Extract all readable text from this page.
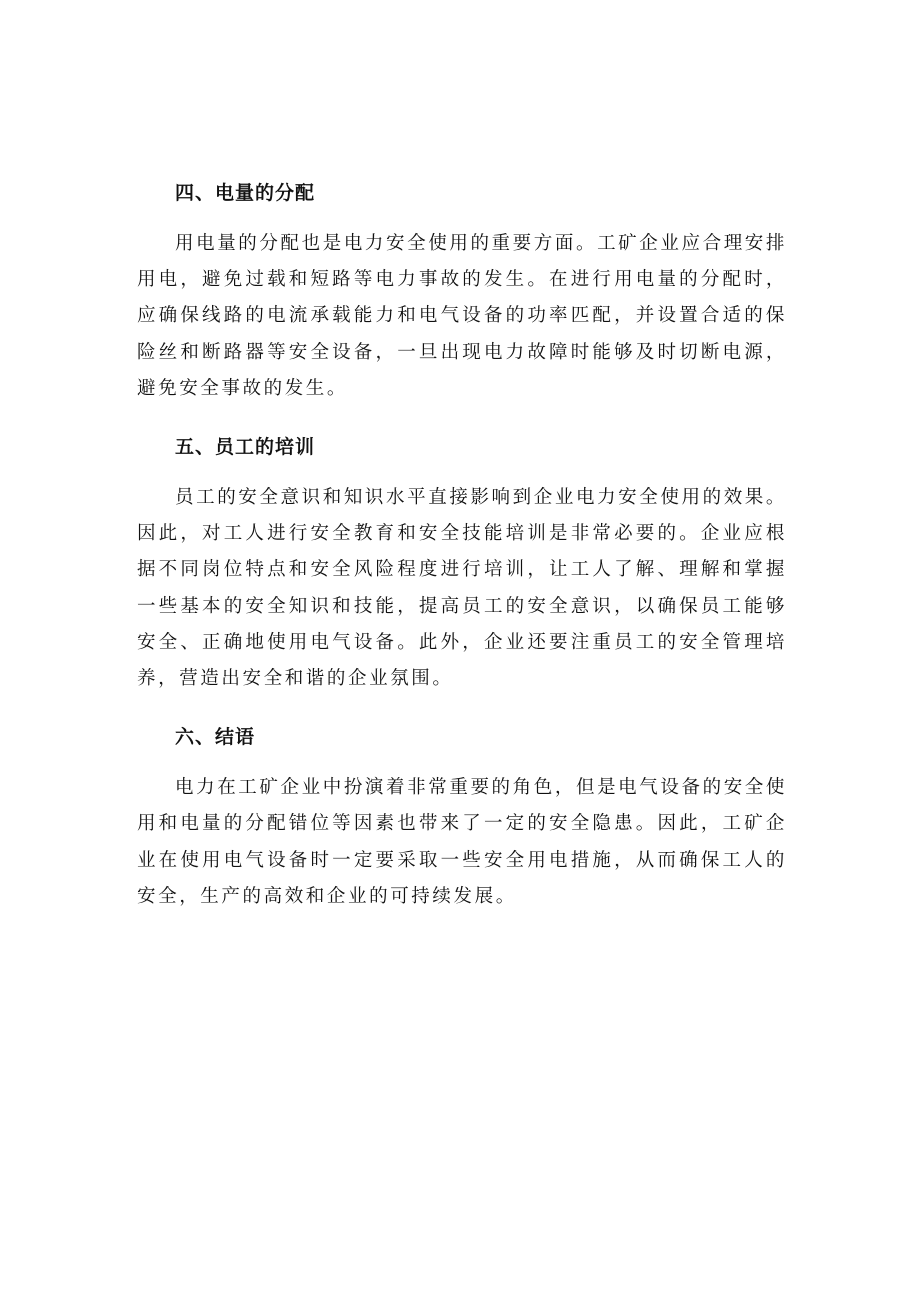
四、电量的分配

用电量的分配也是电力安全使用的重要方面。工矿企业应合理安排用电，避免过载和短路等电力事故的发生。在进行用电量的分配时，应确保线路的电流承载能力和电气设备的功率匹配，并设置合适的保险丝和断路器等安全设备，一旦出现电力故障时能够及时切断电源，避免安全事故的发生。

五、员工的培训

员工的安全意识和知识水平直接影响到企业电力安全使用的效果。因此，对工人进行安全教育和安全技能培训是非常必要的。企业应根据不同岗位特点和安全风险程度进行培训，让工人了解、理解和掌握一些基本的安全知识和技能，提高员工的安全意识，以确保员工能够安全、正确地使用电气设备。此外，企业还要注重员工的安全管理培养，营造出安全和谐的企业氛围。

六、结语

电力在工矿企业中扮演着非常重要的角色，但是电气设备的安全使用和电量的分配错位等因素也带来了一定的安全隐患。因此，工矿企业在使用电气设备时一定要采取一些安全用电措施，从而确保工人的安全，生产的高效和企业的可持续发展。
